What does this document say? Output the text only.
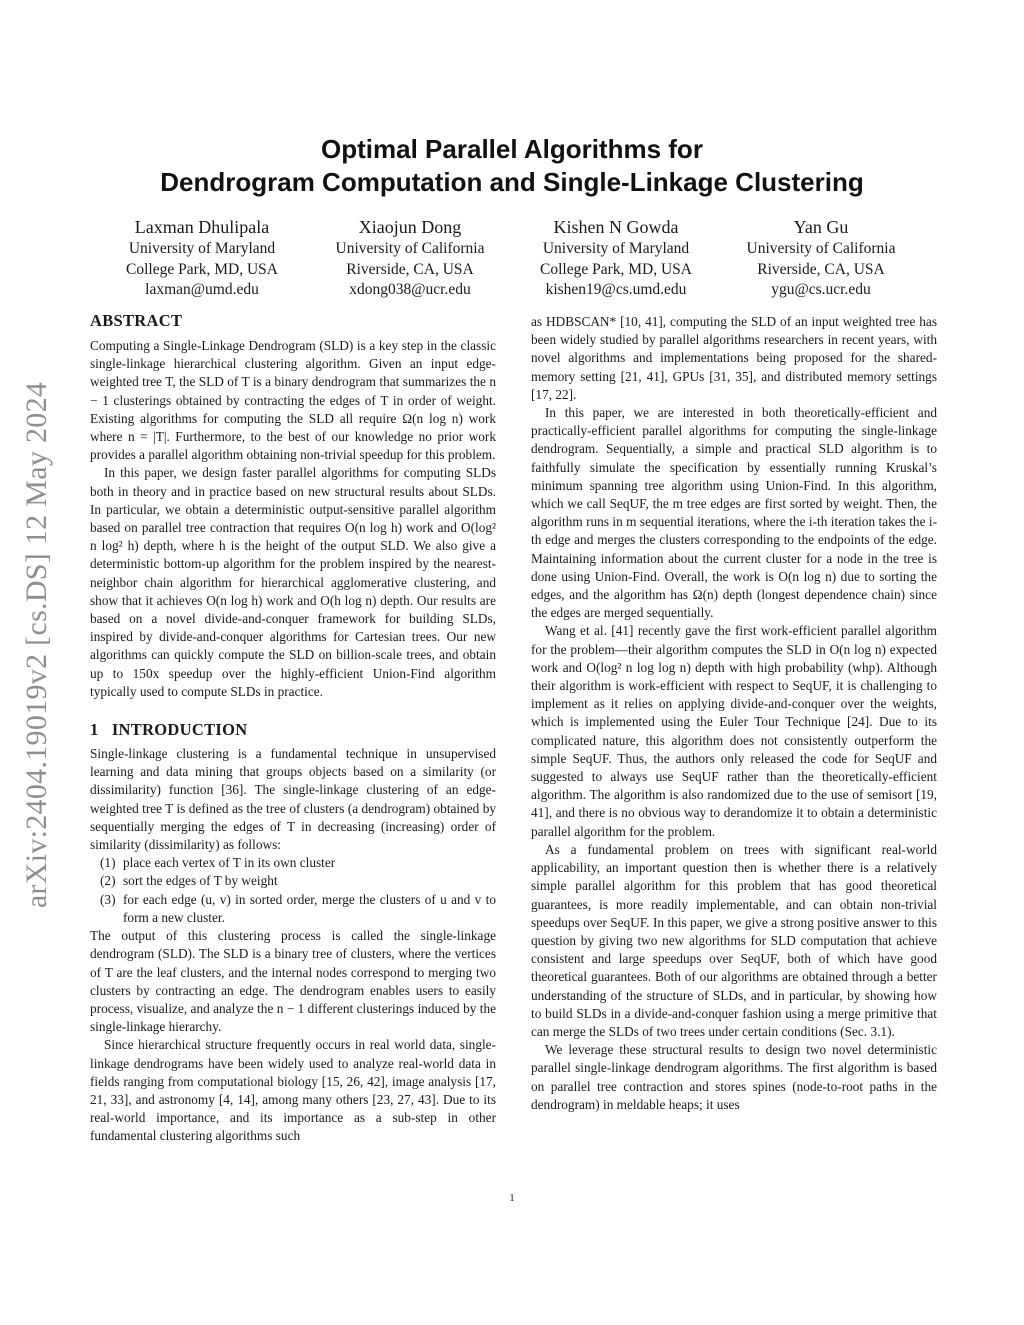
arXiv:2404.19019v2 [cs.DS] 12 May 2024
Optimal Parallel Algorithms for
Dendrogram Computation and Single-Linkage Clustering
Laxman Dhulipala
University of Maryland
College Park, MD, USA
laxman@umd.edu
Xiaojun Dong
University of California
Riverside, CA, USA
xdong038@ucr.edu
Kishen N Gowda
University of Maryland
College Park, MD, USA
kishen19@cs.umd.edu
Yan Gu
University of California
Riverside, CA, USA
ygu@cs.ucr.edu
ABSTRACT

Computing a Single-Linkage Dendrogram (SLD) is a key step in the classic single-linkage hierarchical clustering algorithm. Given an input edge-weighted tree T, the SLD of T is a binary dendrogram that summarizes the n − 1 clusterings obtained by contracting the edges of T in order of weight. Existing algorithms for computing the SLD all require Ω(n log n) work where n = |T|. Furthermore, to the best of our knowledge no prior work provides a parallel algorithm obtaining non-trivial speedup for this problem.

In this paper, we design faster parallel algorithms for computing SLDs both in theory and in practice based on new structural results about SLDs. In particular, we obtain a deterministic output-sensitive parallel algorithm based on parallel tree contraction that requires O(n log h) work and O(log² n log² h) depth, where h is the height of the output SLD. We also give a deterministic bottom-up algorithm for the problem inspired by the nearest-neighbor chain algorithm for hierarchical agglomerative clustering, and show that it achieves O(n log h) work and O(h log n) depth. Our results are based on a novel divide-and-conquer framework for building SLDs, inspired by divide-and-conquer algorithms for Cartesian trees. Our new algorithms can quickly compute the SLD on billion-scale trees, and obtain up to 150x speedup over the highly-efficient Union-Find algorithm typically used to compute SLDs in practice.

1   INTRODUCTION

Single-linkage clustering is a fundamental technique in unsupervised learning and data mining that groups objects based on a similarity (or dissimilarity) function [36]. The single-linkage clustering of an edge-weighted tree T is defined as the tree of clusters (a dendrogram) obtained by sequentially merging the edges of T in decreasing (increasing) order of similarity (dissimilarity) as follows:

(1) place each vertex of T in its own cluster
(2) sort the edges of T by weight
(3) for each edge (u, v) in sorted order, merge the clusters of u and v to form a new cluster.

The output of this clustering process is called the single-linkage dendrogram (SLD). The SLD is a binary tree of clusters, where the vertices of T are the leaf clusters, and the internal nodes correspond to merging two clusters by contracting an edge. The dendrogram enables users to easily process, visualize, and analyze the n − 1 different clusterings induced by the single-linkage hierarchy.

Since hierarchical structure frequently occurs in real world data, single-linkage dendrograms have been widely used to analyze real-world data in fields ranging from computational biology [15, 26, 42], image analysis [17, 21, 33], and astronomy [4, 14], among many others [23, 27, 43]. Due to its real-world importance, and its importance as a sub-step in other fundamental clustering algorithms such

as HDBSCAN* [10, 41], computing the SLD of an input weighted tree has been widely studied by parallel algorithms researchers in recent years, with novel algorithms and implementations being proposed for the shared-memory setting [21, 41], GPUs [31, 35], and distributed memory settings [17, 22].

In this paper, we are interested in both theoretically-efficient and practically-efficient parallel algorithms for computing the single-linkage dendrogram. Sequentially, a simple and practical SLD algorithm is to faithfully simulate the specification by essentially running Kruskal’s minimum spanning tree algorithm using Union-Find. In this algorithm, which we call SeqUF, the m tree edges are first sorted by weight. Then, the algorithm runs in m sequential iterations, where the i-th iteration takes the i-th edge and merges the clusters corresponding to the endpoints of the edge. Maintaining information about the current cluster for a node in the tree is done using Union-Find. Overall, the work is O(n log n) due to sorting the edges, and the algorithm has Ω(n) depth (longest dependence chain) since the edges are merged sequentially.

Wang et al. [41] recently gave the first work-efficient parallel algorithm for the problem—their algorithm computes the SLD in O(n log n) expected work and O(log² n log log n) depth with high probability (whp). Although their algorithm is work-efficient with respect to SeqUF, it is challenging to implement as it relies on applying divide-and-conquer over the weights, which is implemented using the Euler Tour Technique [24]. Due to its complicated nature, this algorithm does not consistently outperform the simple SeqUF. Thus, the authors only released the code for SeqUF and suggested to always use SeqUF rather than the theoretically-efficient algorithm. The algorithm is also randomized due to the use of semisort [19, 41], and there is no obvious way to derandomize it to obtain a deterministic parallel algorithm for the problem.

As a fundamental problem on trees with significant real-world applicability, an important question then is whether there is a relatively simple parallel algorithm for this problem that has good theoretical guarantees, is more readily implementable, and can obtain non-trivial speedups over SeqUF. In this paper, we give a strong positive answer to this question by giving two new algorithms for SLD computation that achieve consistent and large speedups over SeqUF, both of which have good theoretical guarantees. Both of our algorithms are obtained through a better understanding of the structure of SLDs, and in particular, by showing how to build SLDs in a divide-and-conquer fashion using a merge primitive that can merge the SLDs of two trees under certain conditions (Sec. 3.1).

We leverage these structural results to design two novel deterministic parallel single-linkage dendrogram algorithms. The first algorithm is based on parallel tree contraction and stores spines (node-to-root paths in the dendrogram) in meldable heaps; it uses

1
